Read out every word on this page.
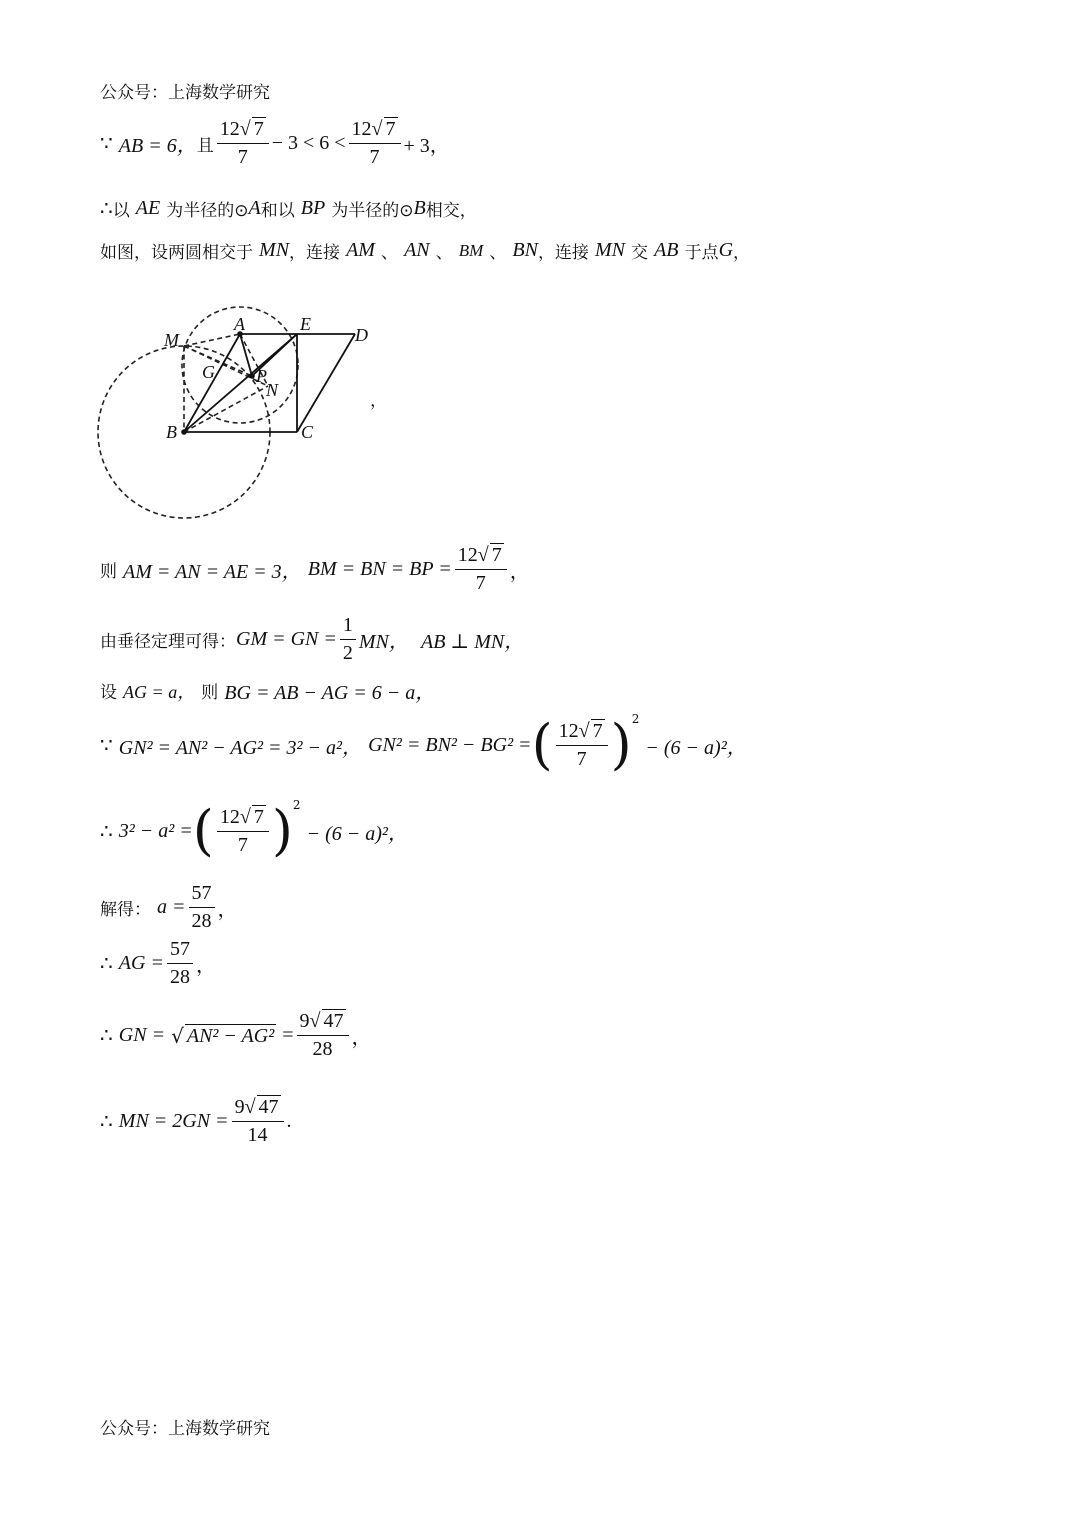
公众号：上海数学研究
∵
AB = 6， 且 $\frac{12√ 7}{7} - 3 < 6 < \frac{12√ 7}{7} + 3$，
∴ 以
AE
为半径的⊙ A 和以
BP
为半径的⊙ B 相交，
如图，设两圆相交于
MN ，连接
AM
、
AN
、
BM
、
BN ，连接
MN
交
AB
于点 G ，
A	E
D
M
G P
N
B	C
，
则
AM = AN = AE = 3，
BM = BN = BP = $\frac{12√ 7}{7}$ ，
由垂径定理可得： GM = GN = $\frac{1}{2}$ MN，
AB ⊥ MN，
设
AG = a，
则
BG = AB − AG = 6 − a，
∵
GN² = AN² − AG² = 3² − a²，
GN² = BN² − BG² = ( $\frac{12√ 7}{7}$ ) 2

− (6 − a)²，
∴
3² − a² = ( $\frac{12√ 7}{7}$ ) 2

− (6 − a)²，
解得：
$a = \frac{57}{28}$ ，
∴
AG = $\frac{57}{28}$ ，
∴
GN =
√ AN² − AG²
= $\frac{9√ 47}{28}$ ，
∴
MN = $2GN = \frac{9√ 47}{14}$ .
公众号：上海数学研究
